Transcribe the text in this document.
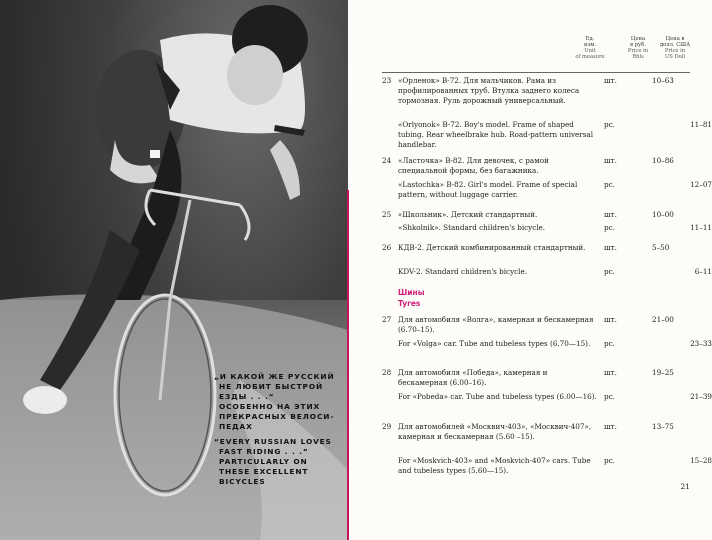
„И КАКОЙ ЖЕ РУССКИЙ
НЕ ЛЮБИТ БЫСТРОЙ
ЕЗДЫ . . .“
ОСОБЕННО НА ЭТИХ
ПРЕКРАСНЫХ ВЕЛОСИ-
ПЕДАХ
“EVERY RUSSIAN LOVES
FAST RIDING . . .”
PARTICULARLY ON
THESE EXCELLENT
BICYCLES
Ед.
изм.
Unit
of measure
Цена
в руб.
Price in
Rbls
Цена в
долл. США
Price in
US Doll
23 «Орленок» В-72. Для мальчиков. Рама из профилированных труб. Втулка заднего колеса тормозная. Руль дорожный универсальный.
шт.	10–63
«Orlyonok» B-72. Boy's model. Frame of shaped tubing. Rear wheelbrake hub. Road-pattern universal handlebar.
pc.	11–81
24 «Ласточка» В-82. Для девочек, с рамой специальной формы, без багажника.
шт.	10–86
«Lastochka» B-82. Girl's model. Frame of special pattern, without luggage carrier.
pc.	12–07
25 «Школьник». Детский стандартный.	шт.	10–00
«Shkolnik». Standard children's bicycle.	pc.	11–11
26 КДВ-2. Детский комбинированный стандартный.	шт.	5–50
KDV-2. Standard children's bicycle.	pc.	6–11
Шины
Tyres
27 Для автомобиля «Волга», камерная и бескамерная (6.70–15).
шт.	21–00
For «Volga» car. Tube and tubeless types (6.70—15).	pc.	23–33
28 Для автомобиля «Победа», камерная и бескамерная (6.00–16).
шт.	19–25
For «Pobeda» car. Tube and tubeless types (6.00—16). pc.	21–39
29 Для автомобилей «Москвич-403», «Москвич-407», камерная и бескамерная (5.60 –15).
шт.	13–75
For «Moskvich-403» and «Moskvich-407» cars. Tube and tubeless types (5.60—15).
pc.	15–28
21
